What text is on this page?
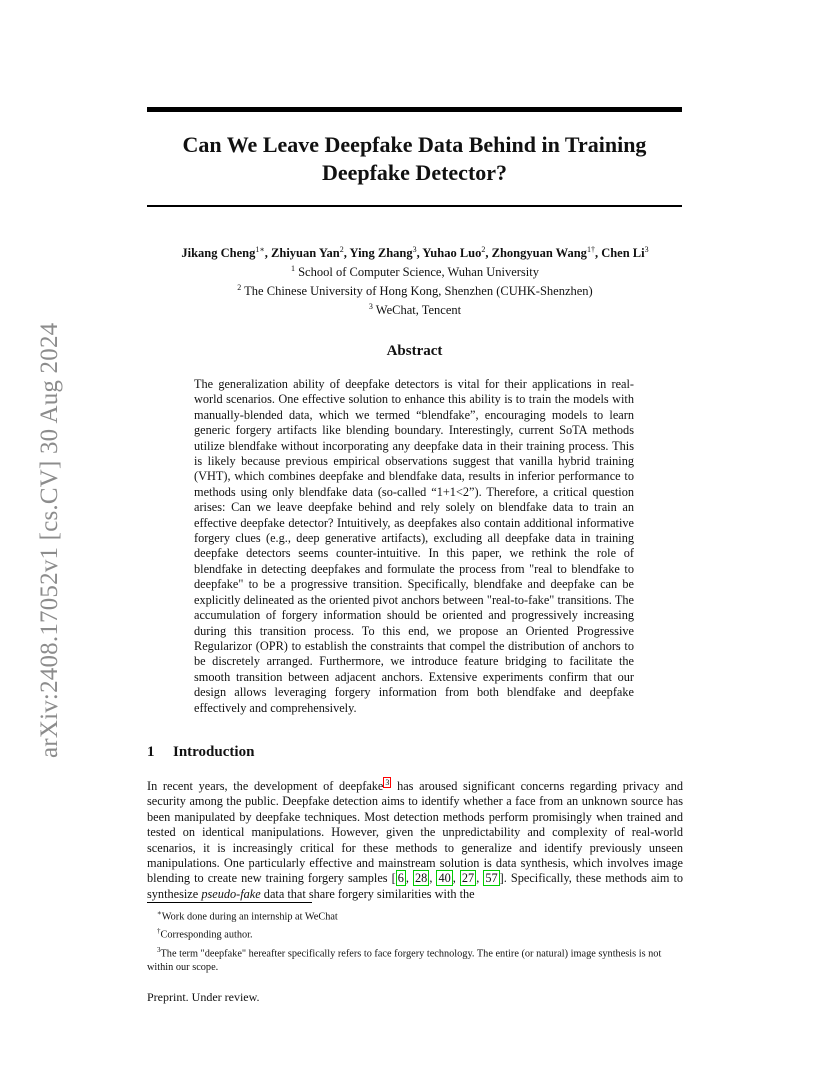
arXiv:2408.17052v1 [cs.CV] 30 Aug 2024
Can We Leave Deepfake Data Behind in Training
Deepfake Detector?
Jikang Cheng$^{1∗}$, Zhiyuan Yan$^2$, Ying Zhang$^3$, Yuhao Luo$^2$, Zhongyuan Wang$^{1\dagger}$, Chen Li$^3$
$^1$ School of Computer Science, Wuhan University
$^2$ The Chinese University of Hong Kong, Shenzhen (CUHK-Shenzhen)
$^3$ WeChat, Tencent
Abstract
The generalization ability of deepfake detectors is vital for their applications in real-world scenarios. One effective solution to enhance this ability is to train the models with manually-blended data, which we termed “blendfake”, encouraging models to learn generic forgery artifacts like blending boundary. Interestingly, current SoTA methods utilize blendfake without incorporating any deepfake data in their training process. This is likely because previous empirical observations suggest that vanilla hybrid training (VHT), which combines deepfake and blendfake data, results in inferior performance to methods using only blendfake data (so-called “1+1<2”). Therefore, a critical question arises: Can we leave deepfake behind and rely solely on blendfake data to train an effective deepfake detector? Intuitively, as deepfakes also contain additional informative forgery clues (e.g., deep generative artifacts), excluding all deepfake data in training deepfake detectors seems counter-intuitive. In this paper, we rethink the role of blendfake in detecting deepfakes and formulate the process from "real to blendfake to deepfake" to be a progressive transition. Specifically, blendfake and deepfake can be explicitly delineated as the oriented pivot anchors between "real-to-fake" transitions. The accumulation of forgery information should be oriented and progressively increasing during this transition process. To this end, we propose an Oriented Progressive Regularizor (OPR) to establish the constraints that compel the distribution of anchors to be discretely arranged. Furthermore, we introduce feature bridging to facilitate the smooth transition between adjacent anchors. Extensive experiments confirm that our design allows leveraging forgery information from both blendfake and deepfake effectively and comprehensively.
1 Introduction
In recent years, the development of deepfake $^3$ has aroused significant concerns regarding privacy and security among the public. Deepfake detection aims to identify whether a face from an unknown source has been manipulated by deepfake techniques. Most detection methods perform promisingly when trained and tested on identical manipulations. However, given the unpredictability and complexity of real-world scenarios, it is increasingly critical for these methods to generalize and identify previously unseen manipulations. One particularly effective and mainstream solution is data synthesis, which involves image blending to create new training forgery samples [ 6 , 28 , 40 , 27 , 57 ]. Specifically, these methods aim to synthesize pseudo-fake data that share forgery similarities with the
∗Work done during an internship at WeChat
†Corresponding author.
$^3$The term "deepfake" hereafter specifically refers to face forgery technology. The entire (or natural) image synthesis is not within our scope.
Preprint. Under review.
